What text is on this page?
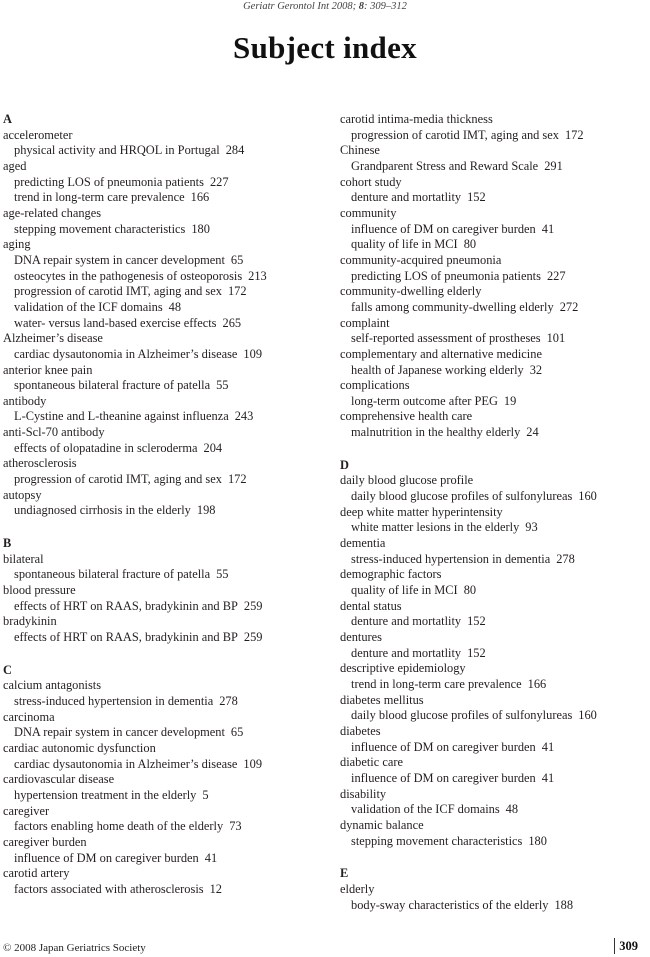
Geriatr Gerontol Int 2008; 8: 309–312
Subject index
A
accelerometer
physical activity and HRQOL in Portugal 284
aged
predicting LOS of pneumonia patients 227
trend in long-term care prevalence 166
age-related changes
stepping movement characteristics 180
aging
DNA repair system in cancer development 65
osteocytes in the pathogenesis of osteoporosis 213
progression of carotid IMT, aging and sex 172
validation of the ICF domains 48
water- versus land-based exercise effects 265
Alzheimer’s disease
cardiac dysautonomia in Alzheimer’s disease 109
anterior knee pain
spontaneous bilateral fracture of patella 55
antibody
L-Cystine and L-theanine against influenza 243
anti-Scl-70 antibody
effects of olopatadine in scleroderma 204
atherosclerosis
progression of carotid IMT, aging and sex 172
autopsy
undiagnosed cirrhosis in the elderly 198
B
bilateral
spontaneous bilateral fracture of patella 55
blood pressure
effects of HRT on RAAS, bradykinin and BP 259
bradykinin
effects of HRT on RAAS, bradykinin and BP 259
C
calcium antagonists
stress-induced hypertension in dementia 278
carcinoma
DNA repair system in cancer development 65
cardiac autonomic dysfunction
cardiac dysautonomia in Alzheimer’s disease 109
cardiovascular disease
hypertension treatment in the elderly 5
caregiver
factors enabling home death of the elderly 73
caregiver burden
influence of DM on caregiver burden 41
carotid artery
factors associated with atherosclerosis 12
carotid intima-media thickness
progression of carotid IMT, aging and sex 172
Chinese
Grandparent Stress and Reward Scale 291
cohort study
denture and mortatlity 152
community
influence of DM on caregiver burden 41
quality of life in MCI 80
community-acquired pneumonia
predicting LOS of pneumonia patients 227
community-dwelling elderly
falls among community-dwelling elderly 272
complaint
self-reported assessment of prostheses 101
complementary and alternative medicine
health of Japanese working elderly 32
complications
long-term outcome after PEG 19
comprehensive health care
malnutrition in the healthy elderly 24
D
daily blood glucose profile
daily blood glucose profiles of sulfonylureas 160
deep white matter hyperintensity
white matter lesions in the elderly 93
dementia
stress-induced hypertension in dementia 278
demographic factors
quality of life in MCI 80
dental status
denture and mortatlity 152
dentures
denture and mortatlity 152
descriptive epidemiology
trend in long-term care prevalence 166
diabetes mellitus
daily blood glucose profiles of sulfonylureas 160
diabetes
influence of DM on caregiver burden 41
diabetic care
influence of DM on caregiver burden 41
disability
validation of the ICF domains 48
dynamic balance
stepping movement characteristics 180
E
elderly
body-sway characteristics of the elderly 188
© 2008 Japan Geriatrics Society	309
